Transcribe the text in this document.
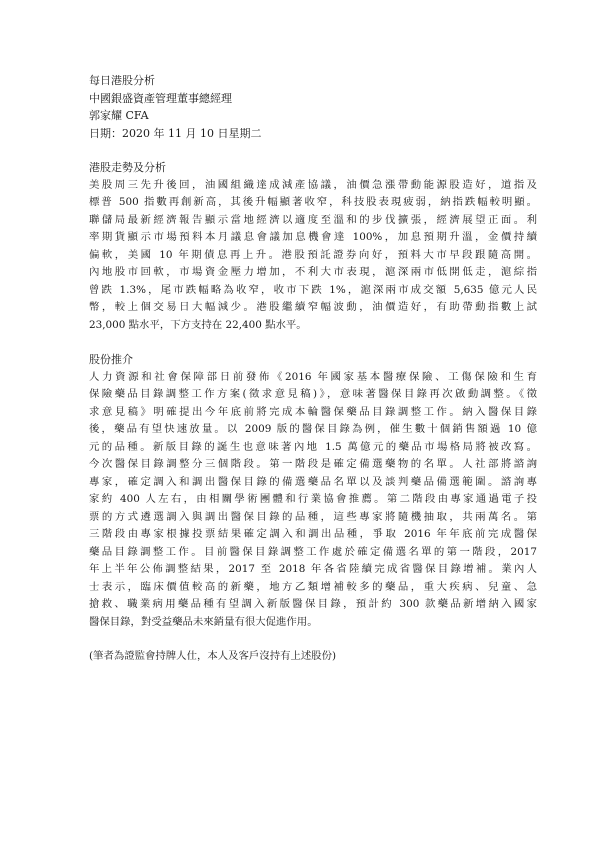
每日港股分析
中國銀盛資產管理董事總經理
郭家耀 CFA
日期：2020 年 11 月 10 日星期二
港股走勢及分析
美股周三先升後回，油國組織達成減產協議，油價急漲帶動能源股造好，道指及
標普 500 指數再創新高，其後升幅顯著收窄，科技股表現疲弱，納指跌幅較明顯。
聯儲局最新經濟報告顯示當地經濟以適度至溫和的步伐擴張，經濟展望正面。利
率期貨顯示市場預料本月議息會議加息機會達 100%，加息預期升溫，金價持續
偏軟，美國 10 年期債息再上升。港股預託證券向好，預料大市早段跟隨高開。
內地股市回軟，市場資金壓力增加，不利大市表現，滬深兩市低開低走，滬綜指
曾跌 1.3%，尾市跌幅略為收窄，收市下跌 1%，滬深兩市成交額 5,635 億元人民
幣，較上個交易日大幅減少。港股繼續窄幅波動，油價造好，有助帶動指數上試
23,000 點水平，下方支持在 22,400 點水平。
股份推介
人力資源和社會保障部日前發佈《2016 年國家基本醫療保險、工傷保險和生育
保險藥品目錄調整工作方案(徵求意見稿)》，意味著醫保目錄再次啟動調整。《徵
求意見稿》明確提出今年底前將完成本輪醫保藥品目錄調整工作。納入醫保目錄
後，藥品有望快速放量。以 2009 版的醫保目錄為例，催生數十個銷售額過 10 億
元的品種。新版目錄的誕生也意味著內地 1.5 萬億元的藥品市場格局將被改寫。
今次醫保目錄調整分三個階段。第一階段是確定備選藥物的名單。人社部將諮詢
專家，確定調入和調出醫保目錄的備選藥品名單以及談判藥品備選範圍。諮詢專
家約 400 人左右，由相關學術團體和行業協會推薦。第二階段由專家通過電子投
票的方式遴選調入與調出醫保目錄的品種，這些專家將隨機抽取，共兩萬名。第
三階段由專家根據投票結果確定調入和調出品種，爭取 2016 年年底前完成醫保
藥品目錄調整工作。目前醫保目錄調整工作處於確定備選名單的第一階段，2017
年上半年公佈調整結果，2017 至 2018 年各省陸續完成省醫保目錄增補。業內人
士表示，臨床價值較高的新藥，地方乙類增補較多的藥品，重大疾病、兒童、急
搶救、職業病用藥品種有望調入新版醫保目錄，預計約 300 款藥品新增納入國家
醫保目錄，對受益藥品未來銷量有很大促進作用。
(筆者為證監會持牌人仕，本人及客戶沒持有上述股份)
